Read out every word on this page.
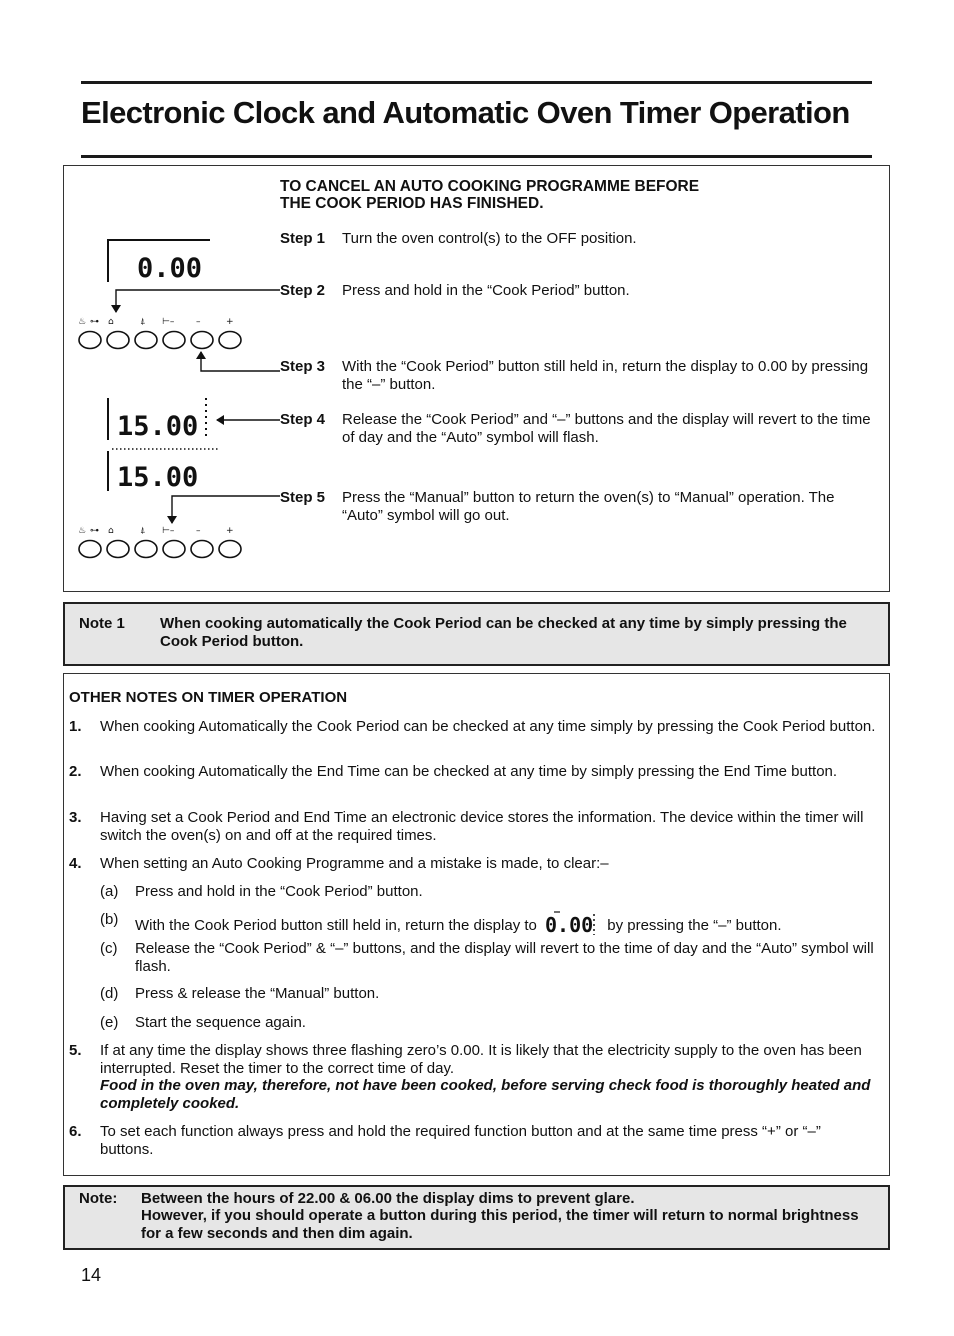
Electronic Clock and Automatic Oven Timer Operation
TO CANCEL AN AUTO COOKING PROGRAMME BEFORE
THE COOK PERIOD HAS FINISHED.
Step 1 Turn the oven control(s) to the OFF position.
Step 2 Press and hold in the “Cook Period” button.
Step 3 With the “Cook Period” button still held in, return the display to 0.00 by pressing the “–” button.
Step 4 Release the “Cook Period” and “–” buttons and the display will revert to the time of day and the “Auto” symbol will flash.
Step 5 Press the “Manual” button to return the oven(s) to “Manual” operation. The “Auto” symbol will go out.
0.00
♨ ⊶ ⌂	⍋ ⊢– –	+
15.00
15.00
♨ ⊶ ⌂	⍋ ⊢– –	+
Note 1 When cooking automatically the Cook Period can be checked at any time by simply pressing the Cook Period button.
OTHER NOTES ON TIMER OPERATION
1. When cooking Automatically the Cook Period can be checked at any time simply by pressing the Cook Period button.
2. When cooking Automatically the End Time can be checked at any time by simply pressing the End Time button.
3. Having set a Cook Period and End Time an electronic device stores the information. The device within the timer will switch the oven(s) on and off at the required times.
4. When setting an Auto Cooking Programme and a mistake is made, to clear:–
(a) Press and hold in the “Cook Period” button.
(b) With the Cook Period button still held in, return the display to 0.00 by pressing the “–” button.
(c) Release the “Cook Period” & “–” buttons, and the display will revert to the time of day and the “Auto” symbol will flash.
(d) Press & release the “Manual” button.
(e) Start the sequence again.
5. If at any time the display shows three flashing zero’s 0.00. It is likely that the electricity supply to the oven has been interrupted. Reset the timer to the correct time of day.
Food in the oven may, therefore, not have been cooked, before serving check food is thoroughly heated and completely cooked.
6. To set each function always press and hold the required function button and at the same time press “+” or “–” buttons.
Note: Between the hours of 22.00 & 06.00 the display dims to prevent glare.
However, if you should operate a button during this period, the timer will return to normal brightness for a few seconds and then dim again.
14
